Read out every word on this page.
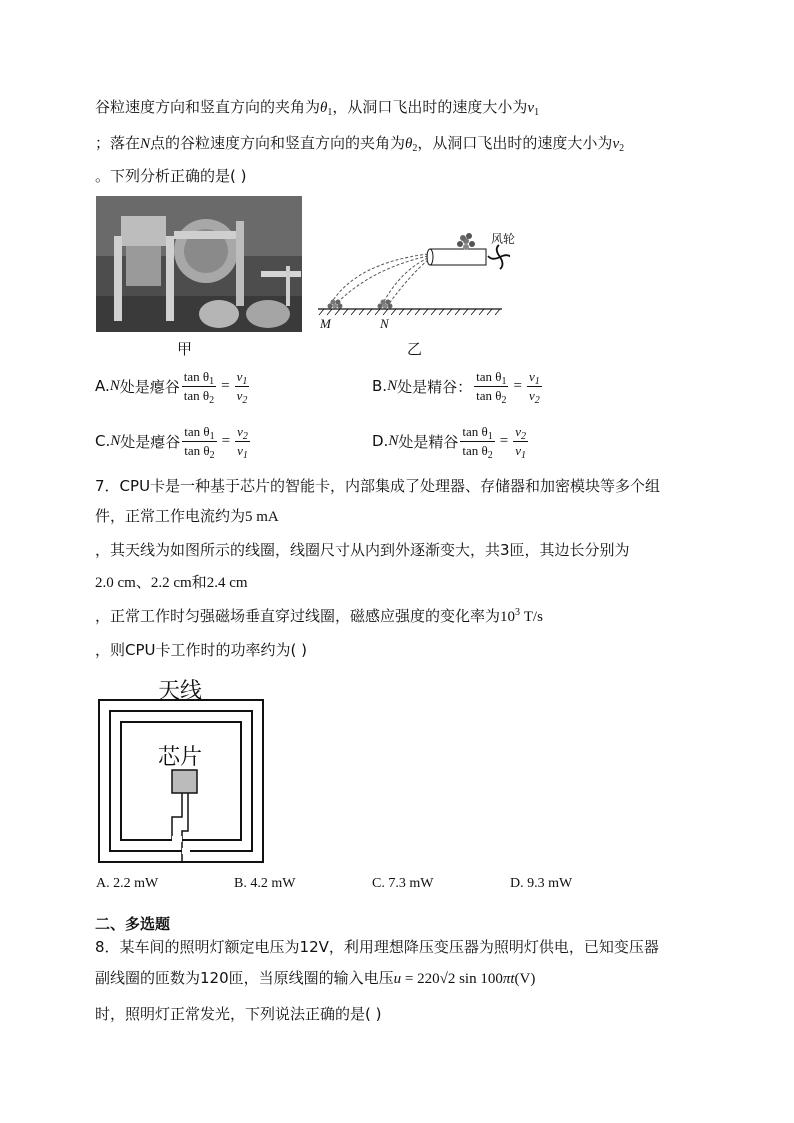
谷粒速度方向和竖直方向的夹角为$\theta_1$，从洞口飞出时的速度大小为$v_1$
；落在N点的谷粒速度方向和竖直方向的夹角为$\theta_2$，从洞口飞出时的速度大小为$v_2$
。下列分析正确的是( )
甲
风轮
M	N
乙
A. N 处是瘪谷 $\frac{\tan \theta_1}{\tan \theta_2} = \frac{v_1}{v_2}$	B. N 处是精谷 ： $\frac{\tan \theta_1}{\tan \theta_2} = \frac{v_1}{v_2}$
C. N 处是瘪谷 $\frac{\tan \theta_1}{\tan \theta_2} = \frac{v_2}{v_1}$	D. N 处是精谷 $\frac{\tan \theta_1}{\tan \theta_2} = \frac{v_2}{v_1}$
7．CPU卡是一种基于芯片的智能卡，内部集成了处理器、存储器和加密模块等多个组
件，正常工作电流约为5 mA
，其天线为如图所示的线圈，线圈尺寸从内到外逐渐变大，共3匝，其边长分别为
2.0 cm、2.2 cm和2.4 cm
，正常工作时匀强磁场垂直穿过线圈，磁感应强度的变化率为$10^3$ T/s
，则CPU卡工作时的功率约为( )
天线
芯片
A. 2.2 mW	B. 4.2 mW	C. 7.3 mW	D. 9.3 mW
二、多选题
8．某车间的照明灯额定电压为12V，利用理想降压变压器为照明灯供电，已知变压器
副线圈的匝数为120匝，当原线圈的输入电压u = 220√2 sin 100πt(V)
时，照明灯正常发光，下列说法正确的是( )
